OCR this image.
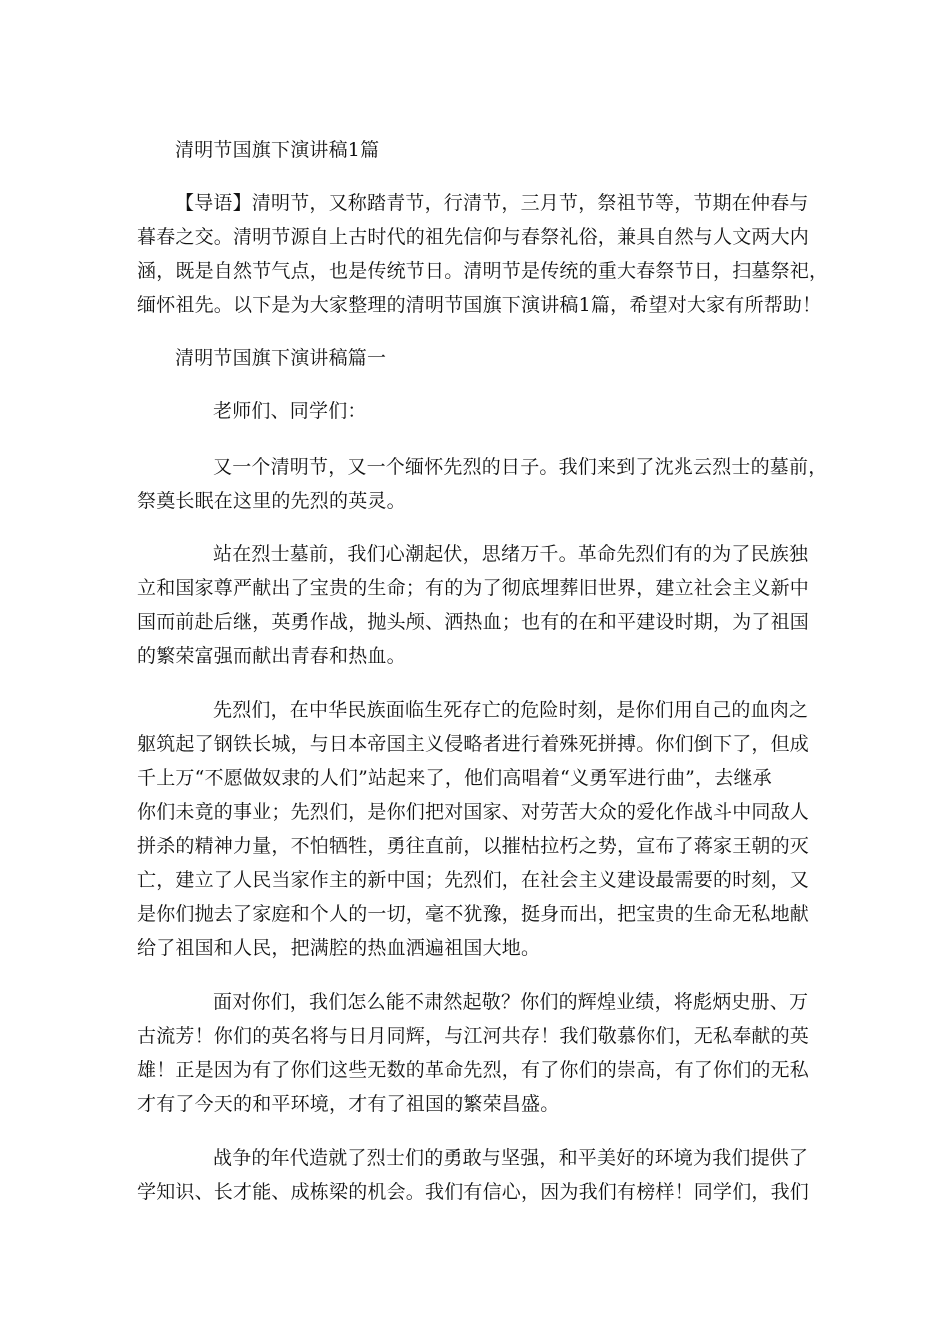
清明节国旗下演讲稿1篇
【导语】清明节，又称踏青节，行清节，三月节，祭祖节等，节期在仲春与
暮春之交。清明节源自上古时代的祖先信仰与春祭礼俗，兼具自然与人文两大内
涵，既是自然节气点，也是传统节日。清明节是传统的重大春祭节日，扫墓祭祀，
缅怀祖先。以下是为大家整理的清明节国旗下演讲稿1篇，希望对大家有所帮助！
清明节国旗下演讲稿篇一
老师们、同学们：
又一个清明节，又一个缅怀先烈的日子。我们来到了沈兆云烈士的墓前，
祭奠长眠在这里的先烈的英灵。
站在烈士墓前，我们心潮起伏，思绪万千。革命先烈们有的为了民族独
立和国家尊严献出了宝贵的生命；有的为了彻底埋葬旧世界，建立社会主义新中
国而前赴后继，英勇作战，抛头颅、洒热血；也有的在和平建设时期，为了祖国
的繁荣富强而献出青春和热血。
先烈们，在中华民族面临生死存亡的危险时刻，是你们用自己的血肉之
躯筑起了钢铁长城，与日本帝国主义侵略者进行着殊死拼搏。你们倒下了，但成
千上万“不愿做奴隶的人们”站起来了，他们高唱着“义勇军进行曲”，去继承
你们未竟的事业；先烈们，是你们把对国家、对劳苦大众的爱化作战斗中同敌人
拼杀的精神力量，不怕牺牲，勇往直前，以摧枯拉朽之势，宣布了蒋家王朝的灭
亡，建立了人民当家作主的新中国；先烈们，在社会主义建设最需要的时刻，又
是你们抛去了家庭和个人的一切，毫不犹豫，挺身而出，把宝贵的生命无私地献
给了祖国和人民，把满腔的热血洒遍祖国大地。
面对你们，我们怎么能不肃然起敬？你们的辉煌业绩，将彪炳史册、万
古流芳！你们的英名将与日月同辉，与江河共存！我们敬慕你们，无私奉献的英
雄！正是因为有了你们这些无数的革命先烈，有了你们的崇高，有了你们的无私
才有了今天的和平环境，才有了祖国的繁荣昌盛。
战争的年代造就了烈士们的勇敢与坚强，和平美好的环境为我们提供了
学知识、长才能、成栋梁的机会。我们有信心，因为我们有榜样！同学们，我们
